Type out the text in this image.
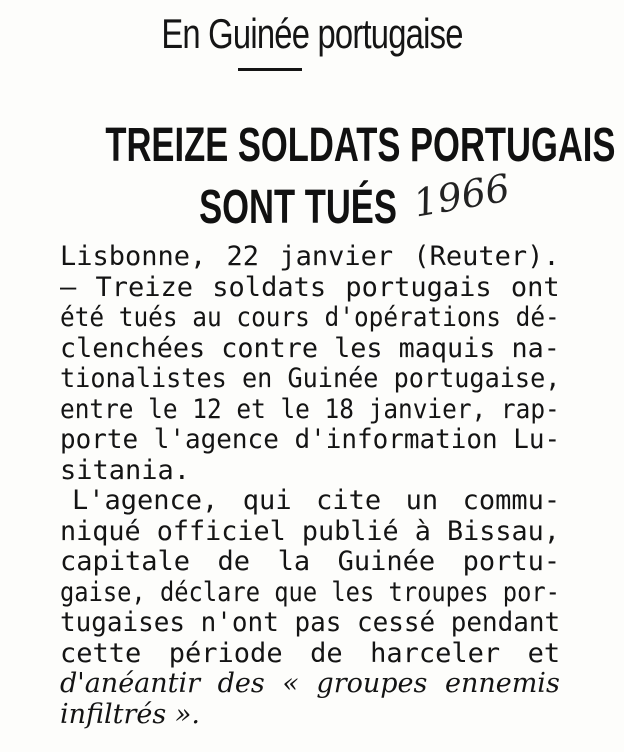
En Guinée portugaise
TREIZE SOLDATS PORTUGAIS
SONT TUÉS 1966
Lisbonne, 22 janvier (Reuter).
— Treize soldats portugais ont
été tués au cours d'opérations dé-
clenchées contre les maquis na-
tionalistes en Guinée portugaise,
entre le 12 et le 18 janvier, rap-
porte l'agence d'information Lu-
sitania.
L'agence, qui cite un commu-
niqué officiel publié à Bissau,
capitale de la Guinée portu-
gaise, déclare que les troupes por-
tugaises n'ont pas cessé pendant
cette période de harceler et
d'anéantir des « groupes ennemis
infiltrés ».
